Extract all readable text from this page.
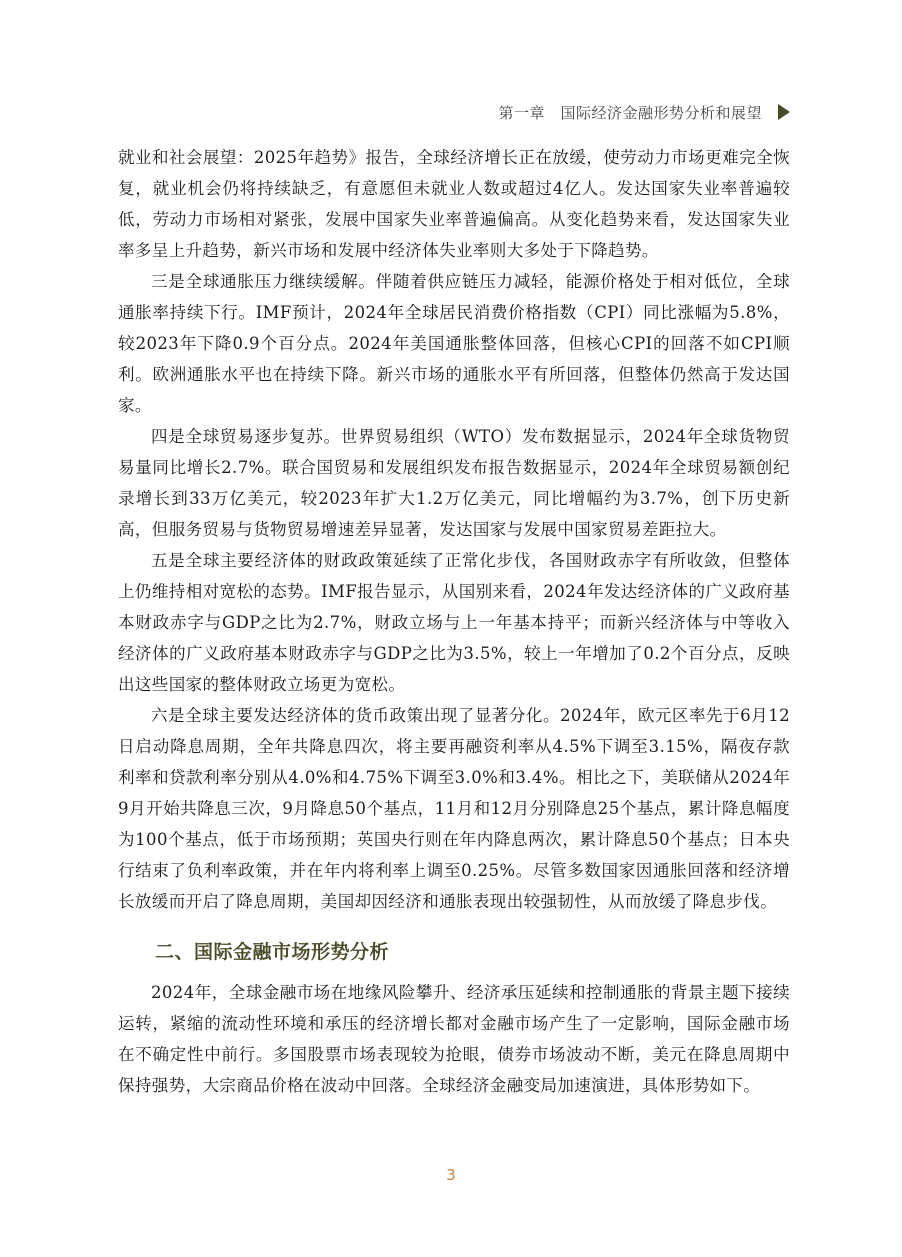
第一章　国际经济金融形势分析和展望

就业和社会展望：2025年趋势》报告，全球经济增长正在放缓，使劳动力市场更难完全恢复，就业机会仍将持续缺乏，有意愿但未就业人数或超过4亿人。发达国家失业率普遍较低，劳动力市场相对紧张，发展中国家失业率普遍偏高。从变化趋势来看，发达国家失业率多呈上升趋势，新兴市场和发展中经济体失业率则大多处于下降趋势。

三是全球通胀压力继续缓解。伴随着供应链压力减轻，能源价格处于相对低位，全球通胀率持续下行。IMF预计，2024年全球居民消费价格指数（CPI）同比涨幅为5.8%，较2023年下降0.9个百分点。2024年美国通胀整体回落，但核心CPI的回落不如CPI顺利。欧洲通胀水平也在持续下降。新兴市场的通胀水平有所回落，但整体仍然高于发达国家。

四是全球贸易逐步复苏。世界贸易组织（WTO）发布数据显示，2024年全球货物贸易量同比增长2.7%。联合国贸易和发展组织发布报告数据显示，2024年全球贸易额创纪录增长到33万亿美元，较2023年扩大1.2万亿美元，同比增幅约为3.7%，创下历史新高，但服务贸易与货物贸易增速差异显著，发达国家与发展中国家贸易差距拉大。

五是全球主要经济体的财政政策延续了正常化步伐，各国财政赤字有所收敛，但整体上仍维持相对宽松的态势。IMF报告显示，从国别来看，2024年发达经济体的广义政府基本财政赤字与GDP之比为2.7%，财政立场与上一年基本持平；而新兴经济体与中等收入经济体的广义政府基本财政赤字与GDP之比为3.5%，较上一年增加了0.2个百分点，反映出这些国家的整体财政立场更为宽松。

六是全球主要发达经济体的货币政策出现了显著分化。2024年，欧元区率先于6月12日启动降息周期，全年共降息四次，将主要再融资利率从4.5%下调至3.15%，隔夜存款利率和贷款利率分别从4.0%和4.75%下调至3.0%和3.4%。相比之下，美联储从2024年9月开始共降息三次，9月降息50个基点，11月和12月分别降息25个基点，累计降息幅度为100个基点，低于市场预期；英国央行则在年内降息两次，累计降息50个基点；日本央行结束了负利率政策，并在年内将利率上调至0.25%。尽管多数国家因通胀回落和经济增长放缓而开启了降息周期，美国却因经济和通胀表现出较强韧性，从而放缓了降息步伐。

二、国际金融市场形势分析

2024年，全球金融市场在地缘风险攀升、经济承压延续和控制通胀的背景主题下接续运转，紧缩的流动性环境和承压的经济增长都对金融市场产生了一定影响，国际金融市场在不确定性中前行。多国股票市场表现较为抢眼，债券市场波动不断，美元在降息周期中保持强势，大宗商品价格在波动中回落。全球经济金融变局加速演进，具体形势如下。

3
